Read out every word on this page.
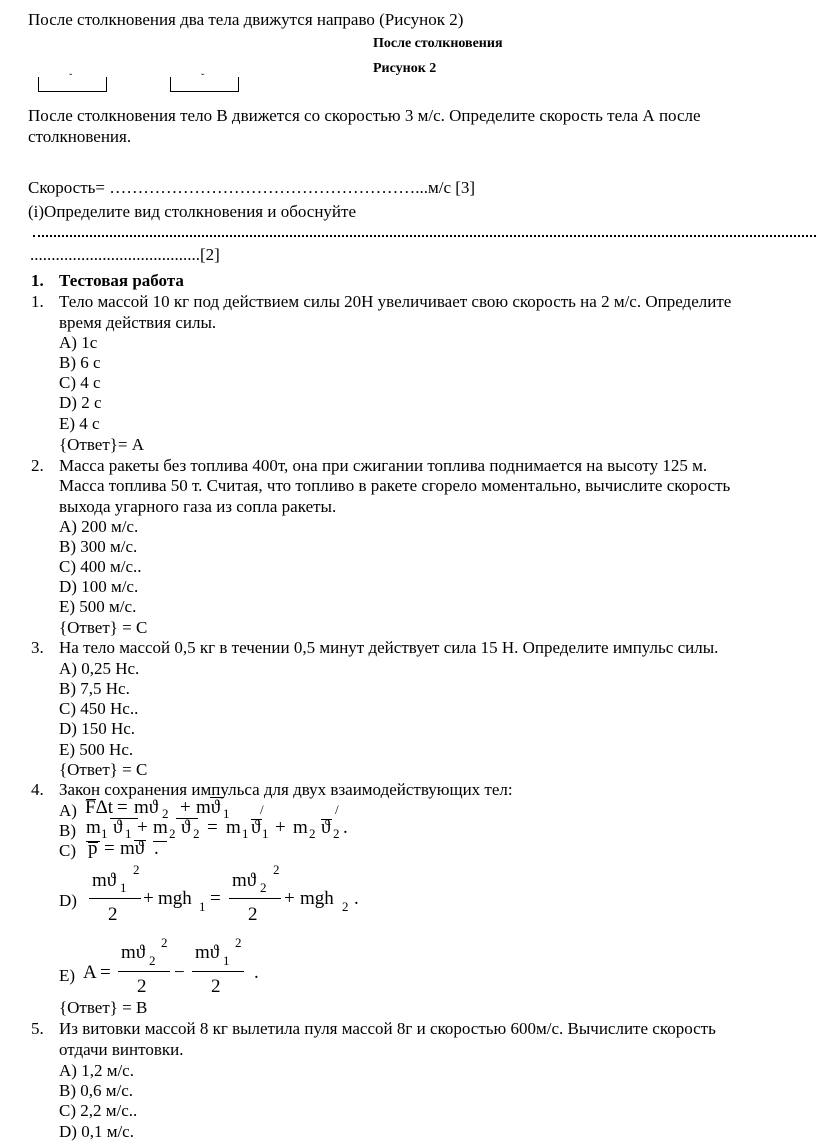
После столкновения два тела движутся направо (Рисунок 2)
После столкновения
Рисунок 2
ˇ	ˇ
После столкновения тело В движется со скоростью 3 м/с. Определите скорость тела А после
столкновения.
Скорость= ………………………………………………...м/с [3]
(i)Определите вид столкновения и обоснуйте
........................................[2]
1. Тестовая работа
1. Тело массой 10 кг под действием силы 20Н увеличивает свою скорость на 2 м/с. Определите
время действия силы.
A) 1с
B) 6 с
C) 4 с
D) 2 с
E) 4 с
{Ответ}= А
2. Масса ракеты без топлива 400т, она при сжигании топлива поднимается на высоту 125 м.
Масса топлива 50 т. Считая, что топливо в ракете сгорело моментально, вычислите скорость
выхода угарного газа из сопла ракеты.
A) 200 м/с.
B) 300 м/с.
C) 400 м/с..
D) 100 м/с.
E) 500 м/с.
{Ответ} = С
3. На тело массой 0,5 кг в течении 0,5 минут действует сила 15 Н. Определите импульс силы.
A) 0,25 Нс.
B) 7,5 Нс.
C) 450 Нс..
D) 150 Нс.
E) 500 Нс.
{Ответ} = С
4. Закон сохранения импульса для двух взаимодействующих тел:
A) FΔt = mϑ 2 + mϑ 1
B) m 1 ϑ 1 + m 2 ϑ 2 = m 1 ϑ 1
/
+ m 2 ϑ 2
/
.
C) p = mϑ .
D)
mϑ 1
2
2
+ mgh 1 =
mϑ 2
2
2
+ mgh 2 .
E) A =
mϑ 2
2
2
−
mϑ 1
2
2
.
{Ответ} = В
5. Из витовки массой 8 кг вылетила пуля массой 8г и скоростью 600м/с. Вычислите скорость
отдачи винтовки.
A) 1,2 м/с.
B) 0,6 м/с.
C) 2,2 м/с..
D) 0,1 м/с.
